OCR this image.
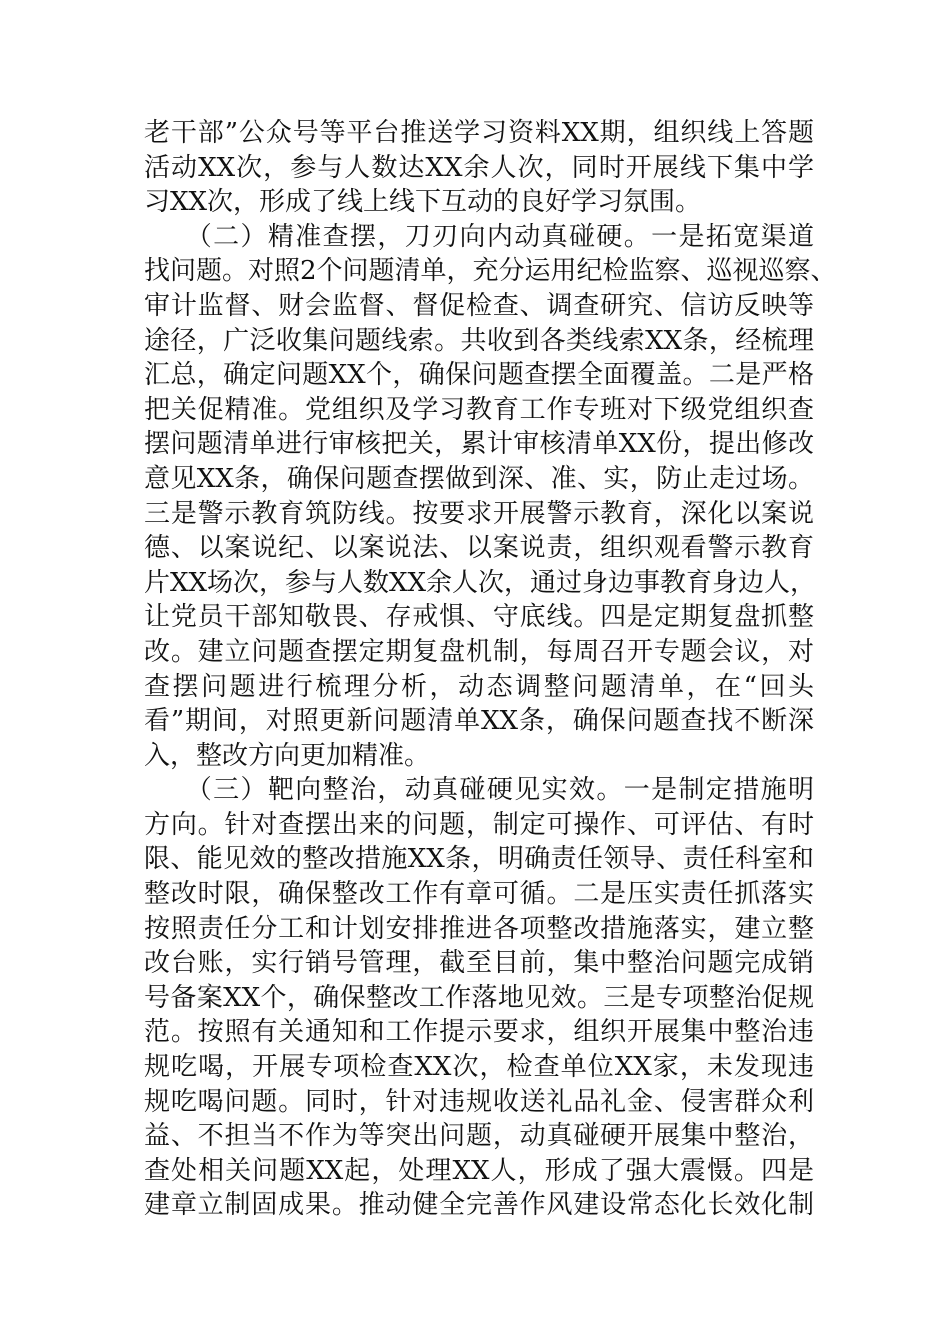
老干部”公众号等平台推送学习资料XX期，组织线上答题
活动XX次，参与人数达XX余人次，同时开展线下集中学
习XX次，形成了线上线下互动的良好学习氛围。
　　（二）精准查摆，刀刃向内动真碰硬。一是拓宽渠道
找问题。对照2个问题清单，充分运用纪检监察、巡视巡察、
审计监督、财会监督、督促检查、调查研究、信访反映等
途径，广泛收集问题线索。共收到各类线索XX条，经梳理
汇总，确定问题XX个，确保问题查摆全面覆盖。二是严格
把关促精准。党组织及学习教育工作专班对下级党组织查
摆问题清单进行审核把关，累计审核清单XX份，提出修改
意见XX条，确保问题查摆做到深、准、实，防止走过场。
三是警示教育筑防线。按要求开展警示教育，深化以案说
德、以案说纪、以案说法、以案说责，组织观看警示教育
片XX场次，参与人数XX余人次，通过身边事教育身边人，
让党员干部知敬畏、存戒惧、守底线。四是定期复盘抓整
改。建立问题查摆定期复盘机制，每周召开专题会议，对
查摆问题进行梳理分析，动态调整问题清单，在“回头
看”期间，对照更新问题清单XX条，确保问题查找不断深
入，整改方向更加精准。
　　（三）靶向整治，动真碰硬见实效。一是制定措施明
方向。针对查摆出来的问题，制定可操作、可评估、有时
限、能见效的整改措施XX条，明确责任领导、责任科室和
整改时限，确保整改工作有章可循。二是压实责任抓落实
按照责任分工和计划安排推进各项整改措施落实，建立整
改台账，实行销号管理，截至目前，集中整治问题完成销
号备案XX个，确保整改工作落地见效。三是专项整治促规
范。按照有关通知和工作提示要求，组织开展集中整治违
规吃喝，开展专项检查XX次，检查单位XX家，未发现违
规吃喝问题。同时，针对违规收送礼品礼金、侵害群众利
益、不担当不作为等突出问题，动真碰硬开展集中整治，
查处相关问题XX起，处理XX人，形成了强大震慑。四是
建章立制固成果。推动健全完善作风建设常态化长效化制
